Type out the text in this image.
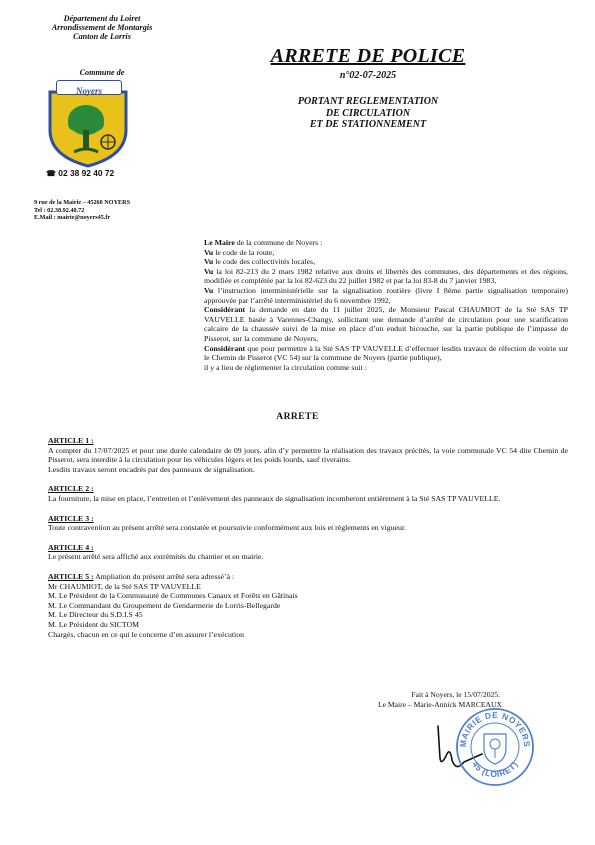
Département du Loiret
Arrondissement de Montargis
Canton de Lorris
Commune de
Noyers
☎ 02 38 92 40 72
9 rue de la Mairie – 45260 NOYERS
Tel : 02.38.92.40.72
E.Mail : mairie@noyers45.fr
ARRETE DE POLICE
n°02-07-2025
PORTANT REGLEMENTATION
DE CIRCULATION
ET DE STATIONNEMENT
Le Maire de la commune de Noyers :
Vu le code de la route,
Vu le code des collectivités locales,
Vu la loi 82-213 du 2 mars 1982 relative aux droits et libertés des communes, des départements et des régions, modifiée et complétée par la loi 82-623 du 22 juillet 1982 et par la loi 83-8 du 7 janvier 1983,
Vu l’instruction interministérielle sur la signalisation routière (livre I 8ème partie signalisation temporaire) approuvée par l’arrêté interministériel du 6 novembre 1992,
Considérant la demande en date du 11 juillet 2025, de Monsieur Pascal CHAUMIOT de la Sté SAS TP VAUVELLE basée à Varennes-Changy, sollicitant une demande d’arrêté de circulation pour une scarification calcaire de la chaussée suivi de la mise en place d’un enduit bicouche, sur la partie publique de l’impasse de Pisserot, sur la commune de Noyers,
Considérant que pour permettre à la Sté SAS TP VAUVELLE d’effectuer lesdits travaux de réfection de voirie sur le Chemin de Pisserot (VC 54) sur la commune de Noyers (partie publique),
il y a lieu de réglementer la circulation comme suit :
ARRETE
ARTICLE 1 :
A compter du 17/07/2025 et pour une durée calendaire de 09 jours, afin d’y permettre la réalisation des travaux précités, la voie communale VC 54 dite Chemin de Pisserot, sera interdite à la circulation pour les véhicules légers et les poids lourds, sauf riverains.
Lesdits travaux seront encadrés par des panneaux de signalisation.
ARTICLE 2 :
La fourniture, la mise en place, l’entretien et l’enlèvement des panneaux de signalisation incomberont entièrement à la Sté SAS TP VAUVELLE.
ARTICLE 3 :
Toute contravention au présent arrêté sera constatée et poursuivie conformément aux lois et règlements en vigueur.
ARTICLE 4 :
Le présent arrêté sera affiché aux extrémités du chantier et en mairie.
ARTICLE 5 : Ampliation du présent arrêté sera adressé’à :
Mr CHAUMIOT, de la Sté SAS TP VAUVELLE
M. Le Président de la Communauté de Communes Canaux et Forêts en Gâtinais
M. Le Commandant du Groupement de Gendarmerie de Lorris-Bellegarde
M. Le Directeur du S.D.I.S 45
M. Le Président du SICTOM
Chargés, chacun en ce qui le concerne d’en assurer l’exécution
Fait à Noyers, le 15/07/2025.
Le Maire – Marie-Annick MARCEAUX
MAIRIE DE NOYERS
45 (LOIRET)
